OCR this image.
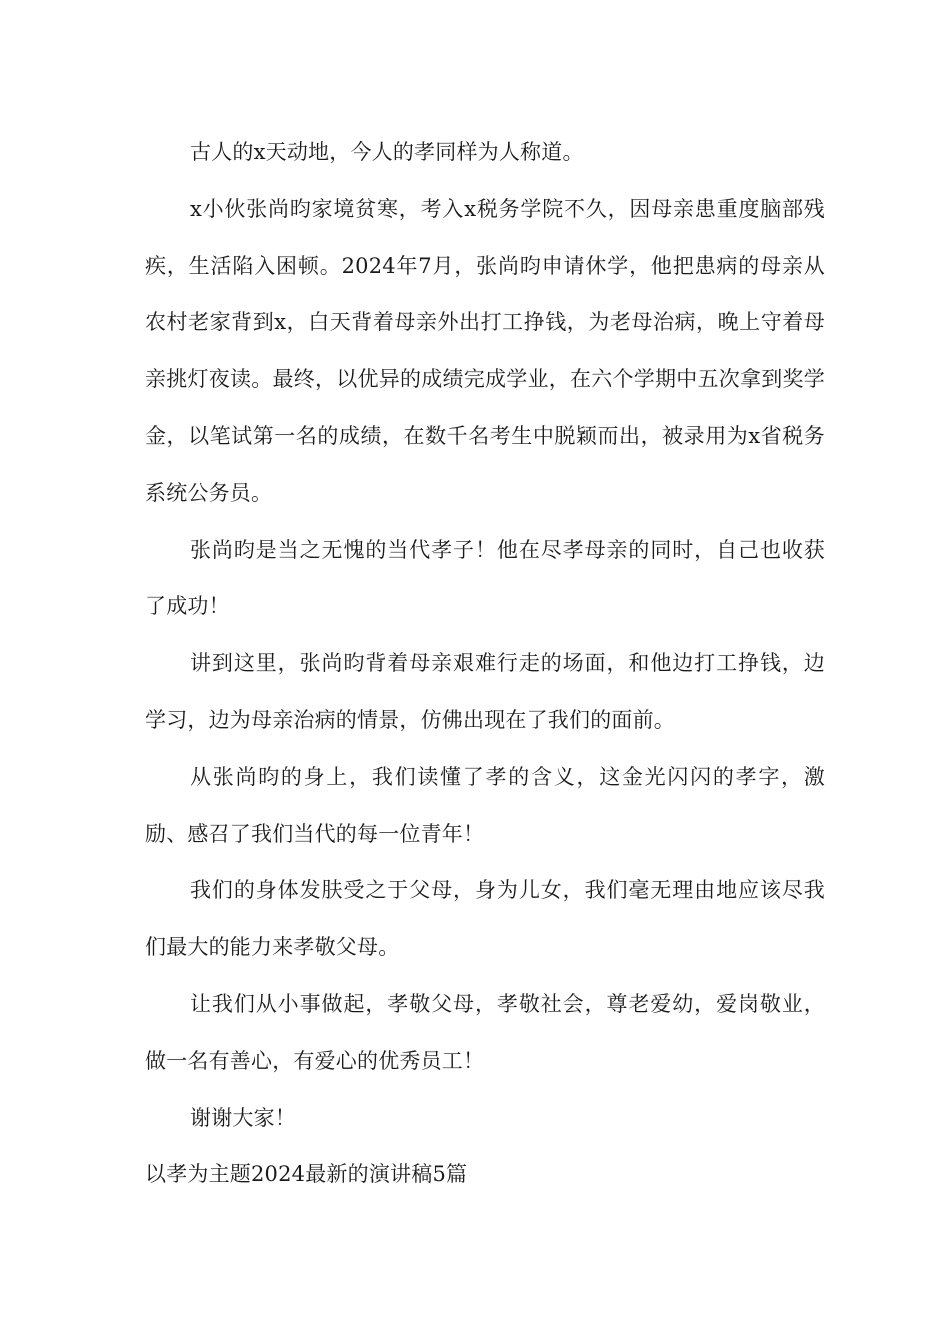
古人的x天动地，今人的孝同样为人称道。

x小伙张尚昀家境贫寒，考入x税务学院不久，因母亲患重度脑部残疾，生活陷入困顿。2024年7月，张尚昀申请休学，他把患病的母亲从农村老家背到x，白天背着母亲外出打工挣钱，为老母治病，晚上守着母亲挑灯夜读。最终，以优异的成绩完成学业，在六个学期中五次拿到奖学金，以笔试第一名的成绩，在数千名考生中脱颖而出，被录用为x省税务系统公务员。

张尚昀是当之无愧的当代孝子！他在尽孝母亲的同时，自己也收获了成功！

讲到这里，张尚昀背着母亲艰难行走的场面，和他边打工挣钱，边学习，边为母亲治病的情景，仿佛出现在了我们的面前。

从张尚昀的身上，我们读懂了孝的含义，这金光闪闪的孝字，激励、感召了我们当代的每一位青年！

我们的身体发肤受之于父母，身为儿女，我们毫无理由地应该尽我们最大的能力来孝敬父母。

让我们从小事做起，孝敬父母，孝敬社会，尊老爱幼，爱岗敬业，做一名有善心，有爱心的优秀员工！

谢谢大家！

以孝为主题2024最新的演讲稿5篇
